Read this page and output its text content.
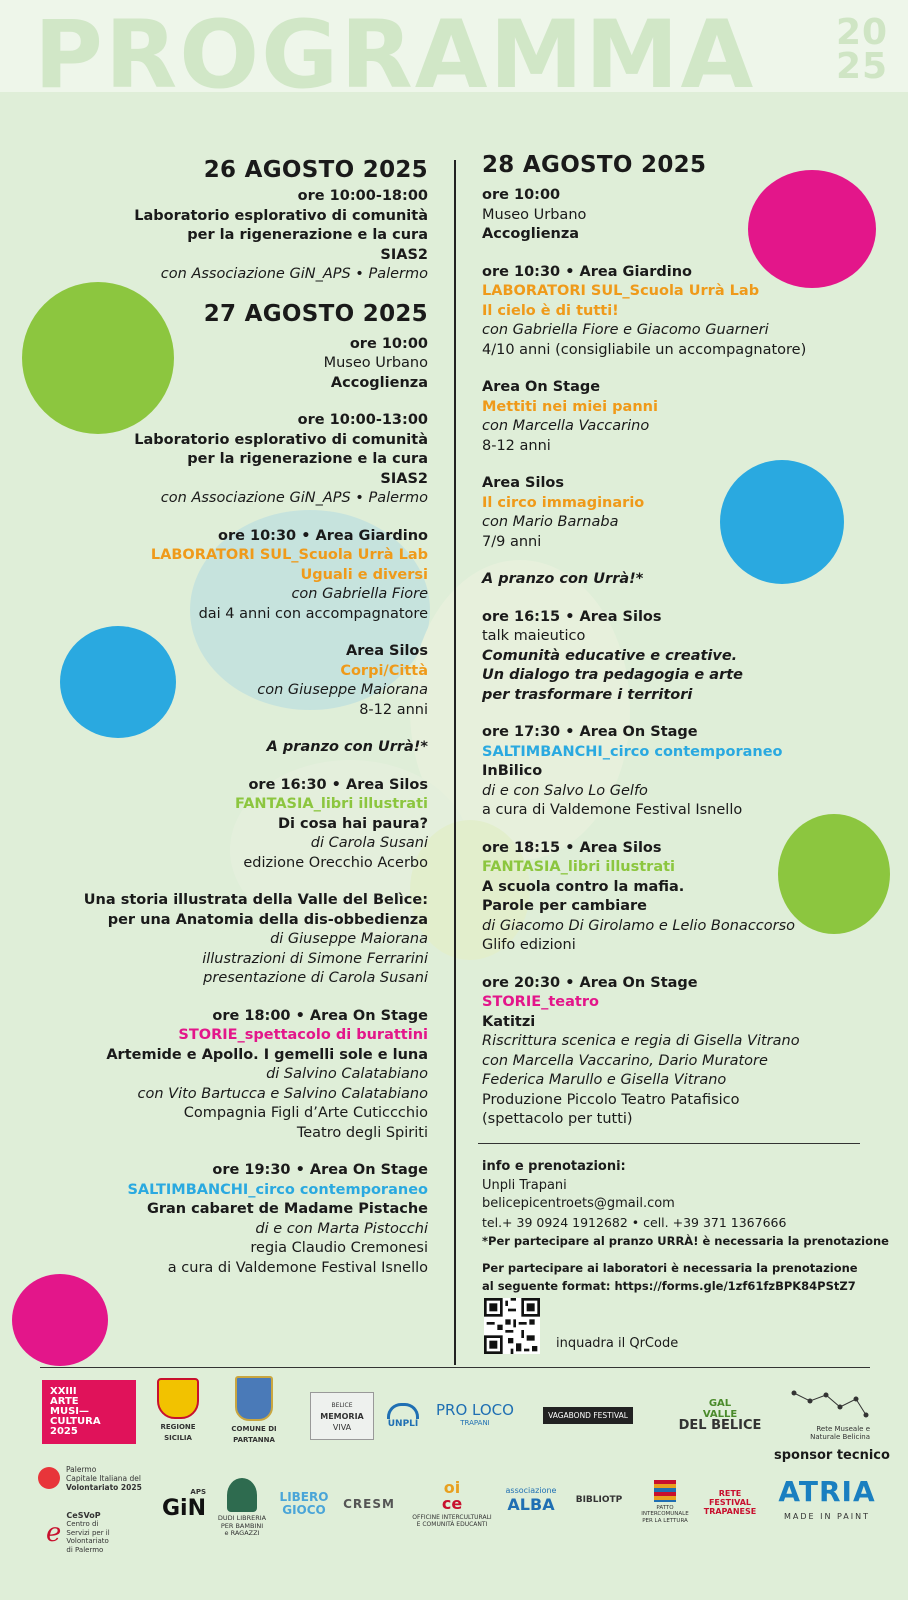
PROGRAMMA 20
25
26 AGOSTO 2025
ore 10:00-18:00
Laboratorio esplorativo di comunità
per la rigenerazione e la cura
SIAS2
con Associazione GiN_APS • Palermo
27 AGOSTO 2025
ore 10:00
Museo Urbano
Accoglienza
ore 10:00-13:00
Laboratorio esplorativo di comunità
per la rigenerazione e la cura
SIAS2
con Associazione GiN_APS • Palermo
ore 10:30 • Area Giardino
LABORATORI SUL_Scuola Urrà Lab
Uguali e diversi
con Gabriella Fiore
dai 4 anni con accompagnatore
Area Silos
Corpi/Città
con Giuseppe Maiorana
8-12 anni
A pranzo con Urrà!*
ore 16:30 • Area Silos
FANTASIA_libri illustrati
Di cosa hai paura?
di Carola Susani
edizione Orecchio Acerbo
Una storia illustrata della Valle del Belìce:
per una Anatomia della dis-obbedienza
di Giuseppe Maiorana
illustrazioni di Simone Ferrarini
presentazione di Carola Susani
ore 18:00 • Area On Stage
STORIE_spettacolo di burattini
Artemide e Apollo. I gemelli sole e luna
di Salvino Calatabiano
con Vito Bartucca e Salvino Calatabiano
Compagnia Figli d’Arte Cuticcchio
Teatro degli Spiriti
ore 19:30 • Area On Stage
SALTIMBANCHI_circo contemporaneo
Gran cabaret de Madame Pistache
di e con Marta Pistocchi
regia Claudio Cremonesi
a cura di Valdemone Festival Isnello
28 AGOSTO 2025
ore 10:00
Museo Urbano
Accoglienza
ore 10:30 • Area Giardino
LABORATORI SUL_Scuola Urrà Lab
Il cielo è di tutti!
con Gabriella Fiore e Giacomo Guarneri
4/10 anni (consigliabile un accompagnatore)
Area On Stage
Mettiti nei miei panni
con Marcella Vaccarino
8-12 anni
Area Silos
Il circo immaginario
con Mario Barnaba
7/9 anni
A pranzo con Urrà!*
ore 16:15 • Area Silos
talk maieutico
Comunità educative e creative.
Un dialogo tra pedagogia e arte
per trasformare i territori
ore 17:30 • Area On Stage
SALTIMBANCHI_circo contemporaneo
InBilico
di e con Salvo Lo Gelfo
a cura di Valdemone Festival Isnello
ore 18:15 • Area Silos
FANTASIA_libri illustrati
A scuola contro la mafia.
Parole per cambiare
di Giacomo Di Girolamo e Lelio Bonaccorso
Glifo edizioni
ore 20:30 • Area On Stage
STORIE_teatro
Katitzi
Riscrittura scenica e regia di Gisella Vitrano
con Marcella Vaccarino, Dario Muratore
Federica Marullo e Gisella Vitrano
Produzione Piccolo Teatro Patafisico
(spettacolo per tutti)
info e prenotazioni:
Unpli Trapani
belicepicentroets@gmail.com
tel.+ 39 0924 1912682 • cell. +39 371 1367666
*Per partecipare al pranzo URRÀ! è necessaria la prenotazione
Per partecipare ai laboratori è necessaria la prenotazione
al seguente format: https://forms.gle/1zf61fzBPK84PStZ7
inquadra il QrCode
XXIII
ARTE
MUSI—
CULTURA
2025	REGIONE SICILIA
COMUNE DI PARTANNA
BELICE
MEMORIA
VIVA	UNPLI
PRO LOCO
TRAPANI
VAGABOND FESTIVAL
GAL
VALLE
DEL BELICE	Rete Museale e
Naturale Belicina
Palermo
Capitale Italiana del
Volontariato 2025
ℯ
CeSVoP
Centro di
Servizi per il
Volontariato
di Palermo
APS
GiN DUDI LIBRERIA
PER BAMBINI
e RAGAZZI
LIBERO
GIOCO CRESM
oi
ce
OFFICINE INTERCULTURALI
E COMUNITÀ EDUCANTI
associazione
ALBA BIBLIOTP
PATTO INTERCOMUNALE
PER LA LETTURA
RETE
FESTIVAL
TRAPANESE
sponsor tecnico
ATRIA
MADE IN PAINT
